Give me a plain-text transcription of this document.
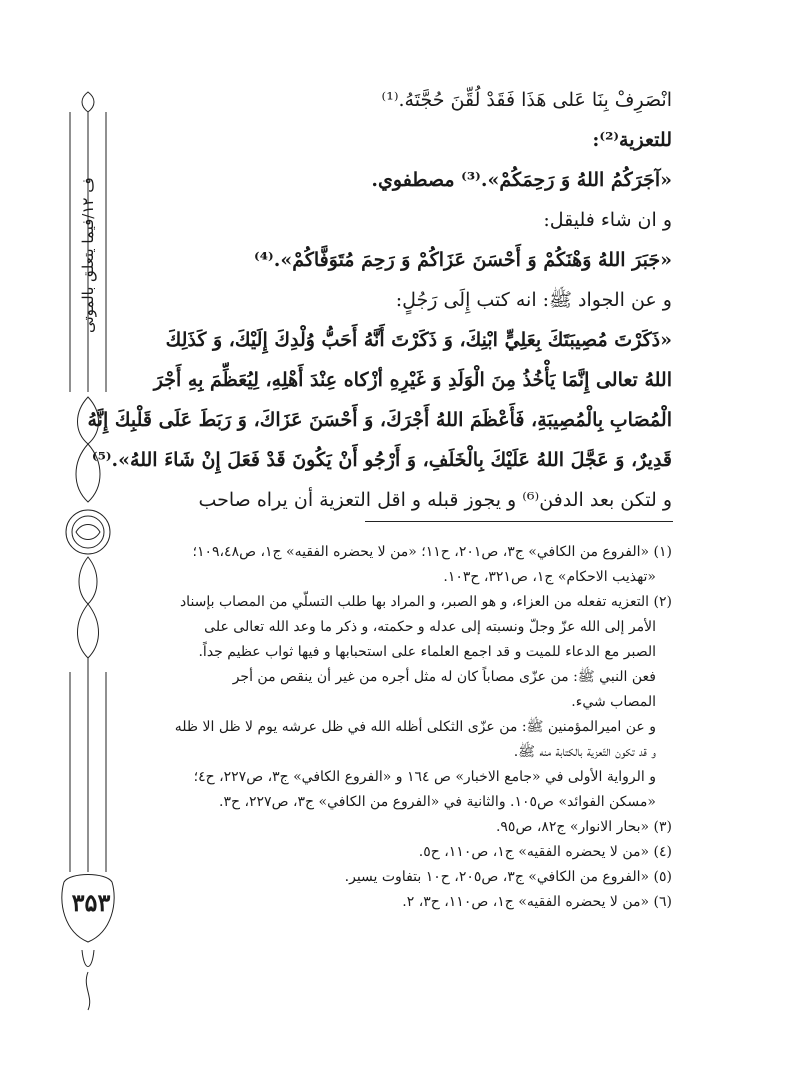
ف ۱۲/فيما يتعلق بالموتى
۳۵۳
انْصَرِفْ بِنَا عَلى هَذَا فَقَدْ لُقِّنَ حُجَّتَهُ.⁽¹⁾
للتعزية⁽²⁾:
«آجَرَكُمُ اللهُ وَ رَحِمَكُمْ».⁽³⁾ مصطفوي.
و ان شاء فليقل:
«جَبَرَ اللهُ وَهْنَكُمْ وَ أَحْسَنَ عَزَاكُمْ وَ رَحِمَ مُتَوَفَّاكُمْ».⁽⁴⁾
و عن الجواد ﷺ: انه كتب إِلَى رَجُلٍ:
«ذَكَرْتَ مُصِيبَتَكَ بِعَلِيٍّ ابْنِكَ، وَ ذَكَرْتَ أَنَّهُ أَحَبُّ وُلْدِكَ إِلَيْكَ، وَ كَذَلِكَ
اللهُ تعالى إِنَّمَا يَأْخُذُ مِنَ الْوَلَدِ وَ غَيْرِهِ أزْكاه عِنْدَ أَهْلِهِ، لِيُعَظِّمَ بِهِ أَجْرَ
الْمُصَابِ بِالْمُصِيبَةِ، فَأَعْظَمَ اللهُ أَجْرَكَ، وَ أَحْسَنَ عَزَاكَ، وَ رَبَطَ عَلَى قَلْبِكَ إِنَّهُ
قَدِيرٌ، وَ عَجَّلَ اللهُ عَلَيْكَ بِالْخَلَفِ، وَ أَرْجُو أَنْ يَكُونَ قَدْ فَعَلَ إِنْ شَاءَ اللهُ».⁽⁵⁾
و لتكن بعد الدفن⁽⁶⁾ و يجوز قبله و اقل التعزية أن يراه صاحب
(١) «الفروع من الكافي» ج٣، ص٢٠١، ح١١؛ «من لا يحضره الفقيه» ج١، ص١٠٩،٤٨؛
«تهذيب الاحكام» ج١، ص٣٢١، ح١٠٣.
(٢) التعزيه تفعله من العزاء، و هو الصبر، و المراد بها طلب التسلّي من المصاب بإسناد
الأمر إلى الله عزّ وجلّ ونسبته إلى عدله و حكمته، و ذكر ما وعد الله تعالى على
الصبر مع الدعاء للميت و قد اجمع العلماء على استحبابها و فيها ثواب عظيم جداً.
فعن النبي ﷺ: من عزّى مصاباً كان له مثل أجره من غير أن ينقص من أجر
المصاب شيء.
و عن اميرالمؤمنين ﷺ: من عزّى الثكلى أظله الله في ظل عرشه يوم لا ظل الا ظله
و قد تكون التّعزية بالكتابة منه ﷺ.
و الرواية الأولى في «جامع الاخبار» ص ١٦٤ و «الفروع الكافي» ج٣، ص٢٢٧، ح٤؛
«مسكن الفوائد» ص١٠٥. والثانية في «الفروع من الكافي» ج٣، ص٢٢٧، ح٣.
(٣) «بحار الانوار» ج٨٢، ص٩٥.
(٤) «من لا يحضره الفقيه» ج١، ص١١٠، ح٥.
(٥) «الفروع من الكافي» ج٣، ص٢٠٥، ح١٠ بتفاوت يسير.
(٦) «من لا يحضره الفقيه» ج١، ص١١٠، ح٣، ٢.
